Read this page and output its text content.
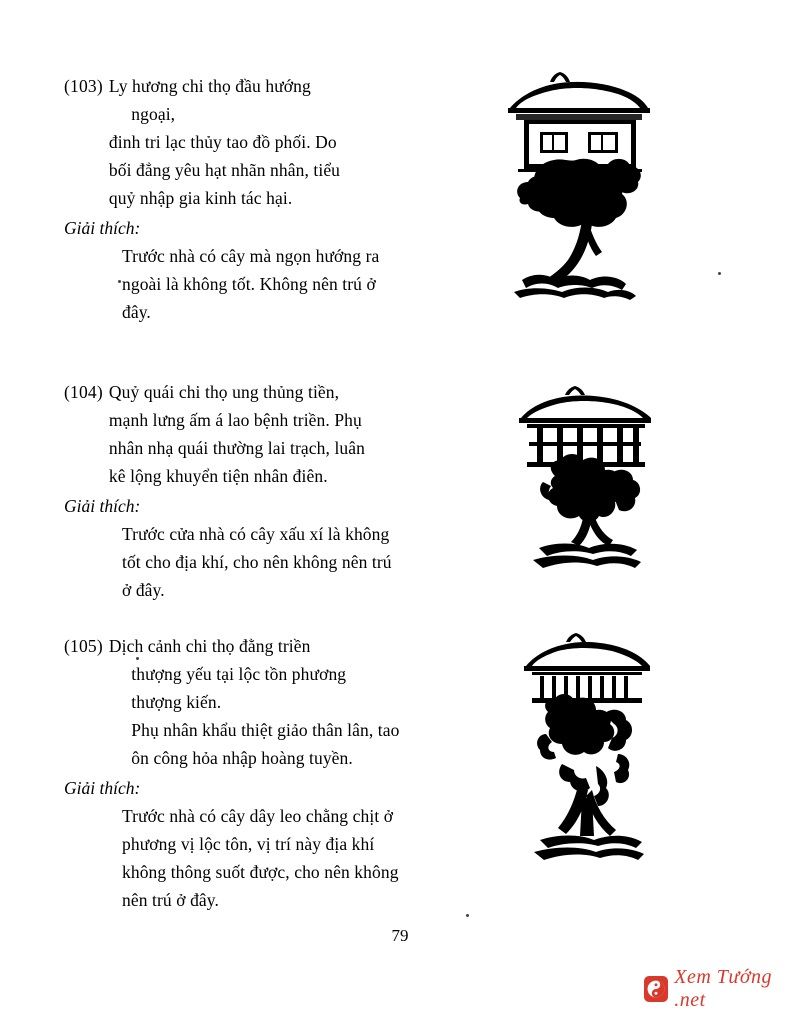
(103) Ly hương chi thọ đầu hướng
ngoại,
đinh tri lạc thủy tao đồ phối. Do
bối đẳng yêu hạt nhãn nhân, tiểu
quỷ nhập gia kinh tác hại.
Giải thích:
Trước nhà có cây mà ngọn hướng ra
ngoài là không tốt. Không nên trú ở
đây.
(104) Quỷ quái chi thọ ung thủng tiền,
mạnh lưng ấm á lao bệnh triền. Phụ
nhân nhạ quái thường lai trạch, luân
kê lộng khuyển tiện nhân điên.
Giải thích:
Trước cửa nhà có cây xấu xí là không
tốt cho địa khí, cho nên không nên trú
ở đây.
(105) Dịch cảnh chi thọ đằng triền
thượng yếu tại lộc tồn phương
thượng kiến.
Phụ nhân khẩu thiệt giảo thân lân, tao
ôn công hỏa nhập hoàng tuyền.
Giải thích:
Trước nhà có cây dây leo chằng chịt ở
phương vị lộc tôn, vị trí này địa khí
không thông suốt được, cho nên không
nên trú ở đây.
79
Xem Tướng .net
